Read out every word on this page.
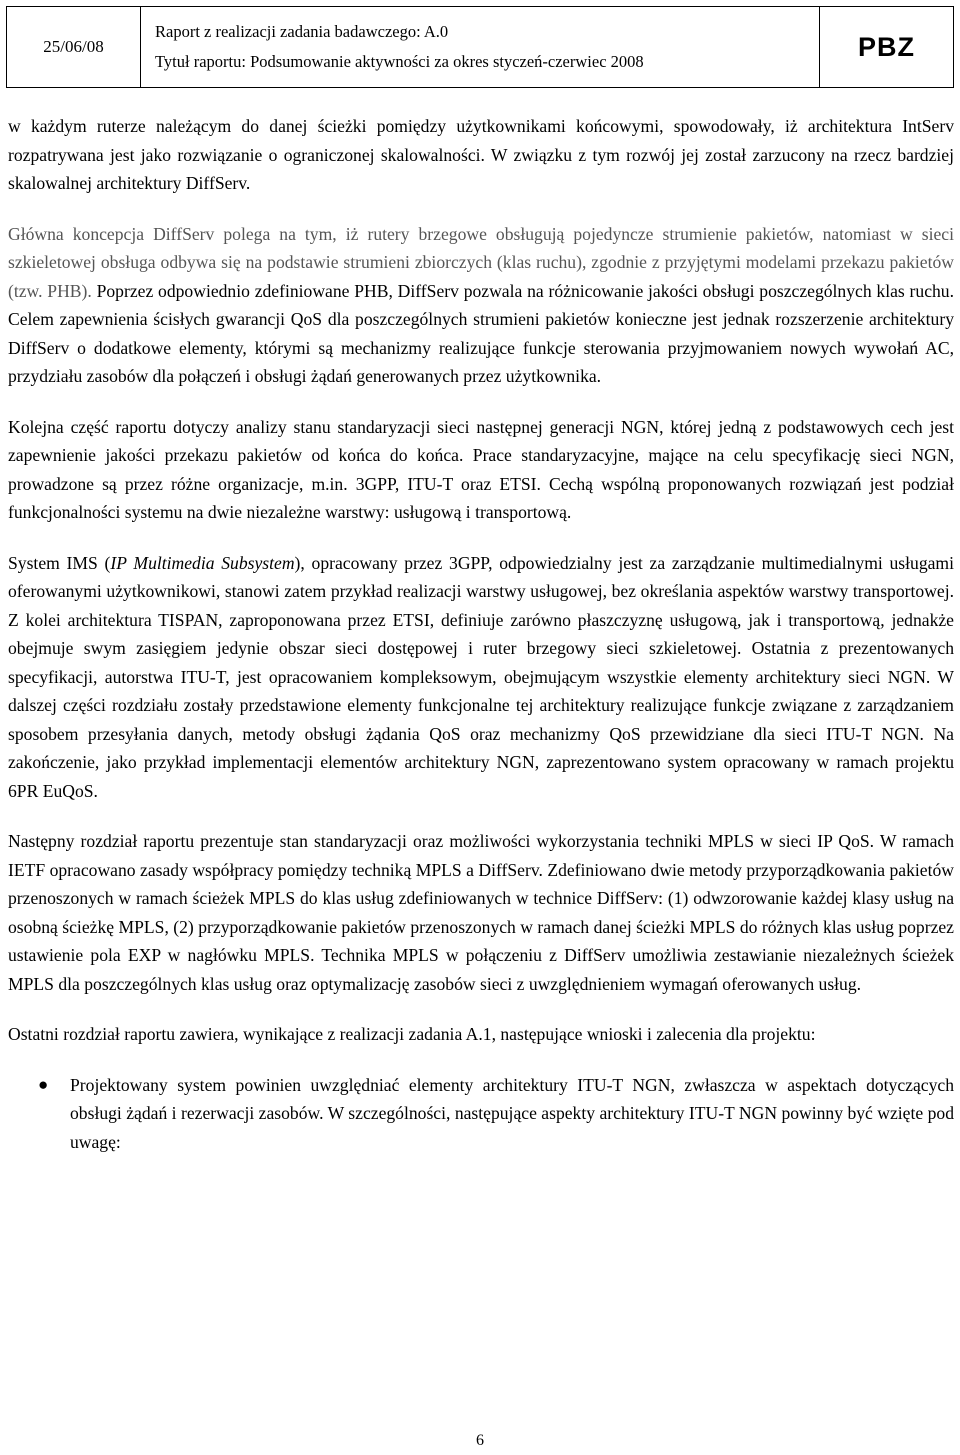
25/06/08
Raport z realizacji zadania badawczego: A.0
Tytuł raportu: Podsumowanie aktywności za okres styczeń-czerwiec 2008	PBZ

w każdym ruterze należącym do danej ścieżki pomiędzy użytkownikami końcowymi, spowodowały, iż architektura IntServ rozpatrywana jest jako rozwiązanie o ograniczonej skalowalności. W związku z tym rozwój jej został zarzucony na rzecz bardziej skalowalnej architektury DiffServ.

Główna koncepcja DiffServ polega na tym, iż rutery brzegowe obsługują pojedyncze strumienie pakietów, natomiast w sieci szkieletowej obsługa odbywa się na podstawie strumieni zbiorczych (klas ruchu), zgodnie z przyjętymi modelami przekazu pakietów (tzw. PHB). Poprzez odpowiednio zdefiniowane PHB, DiffServ pozwala na różnicowanie jakości obsługi poszczególnych klas ruchu. Celem zapewnienia ścisłych gwarancji QoS dla poszczególnych strumieni pakietów konieczne jest jednak rozszerzenie architektury DiffServ o dodatkowe elementy, którymi są mechanizmy realizujące funkcje sterowania przyjmowaniem nowych wywołań AC, przydziału zasobów dla połączeń i obsługi żądań generowanych przez użytkownika.

Kolejna część raportu dotyczy analizy stanu standaryzacji sieci następnej generacji NGN, której jedną z podstawowych cech jest zapewnienie jakości przekazu pakietów od końca do końca. Prace standaryzacyjne, mające na celu specyfikację sieci NGN, prowadzone są przez różne organizacje, m.in. 3GPP, ITU-T oraz ETSI. Cechą wspólną proponowanych rozwiązań jest podział funkcjonalności systemu na dwie niezależne warstwy: usługową i transportową.

System IMS (IP Multimedia Subsystem), opracowany przez 3GPP, odpowiedzialny jest za zarządzanie multimedialnymi usługami oferowanymi użytkownikowi, stanowi zatem przykład realizacji warstwy usługowej, bez określania aspektów warstwy transportowej. Z kolei architektura TISPAN, zaproponowana przez ETSI, definiuje zarówno płaszczyznę usługową, jak i transportową, jednakże obejmuje swym zasięgiem jedynie obszar sieci dostępowej i ruter brzegowy sieci szkieletowej. Ostatnia z prezentowanych specyfikacji, autorstwa ITU-T, jest opracowaniem kompleksowym, obejmującym wszystkie elementy architektury sieci NGN. W dalszej części rozdziału zostały przedstawione elementy funkcjonalne tej architektury realizujące funkcje związane z zarządzaniem sposobem przesyłania danych, metody obsługi żądania QoS oraz mechanizmy QoS przewidziane dla sieci ITU-T NGN. Na zakończenie, jako przykład implementacji elementów architektury NGN, zaprezentowano system opracowany w ramach projektu 6PR EuQoS.

Następny rozdział raportu prezentuje stan standaryzacji oraz możliwości wykorzystania techniki MPLS w sieci IP QoS. W ramach IETF opracowano zasady współpracy pomiędzy techniką MPLS a DiffServ. Zdefiniowano dwie metody przyporządkowania pakietów przenoszonych w ramach ścieżek MPLS do klas usług zdefiniowanych w technice DiffServ: (1) odwzorowanie każdej klasy usług na osobną ścieżkę MPLS, (2) przyporządkowanie pakietów przenoszonych w ramach danej ścieżki MPLS do różnych klas usług poprzez ustawienie pola EXP w nagłówku MPLS. Technika MPLS w połączeniu z DiffServ umożliwia zestawianie niezależnych ścieżek MPLS dla poszczególnych klas usług oraz optymalizację zasobów sieci z uwzględnieniem wymagań oferowanych usług.

Ostatni rozdział raportu zawiera, wynikające z realizacji zadania A.1, następujące wnioski i zalecenia dla projektu:

● Projektowany system powinien uwzględniać elementy architektury ITU-T NGN, zwłaszcza w aspektach dotyczących obsługi żądań i rezerwacji zasobów. W szczególności, następujące aspekty architektury ITU-T NGN powinny być wzięte pod uwagę:
6
